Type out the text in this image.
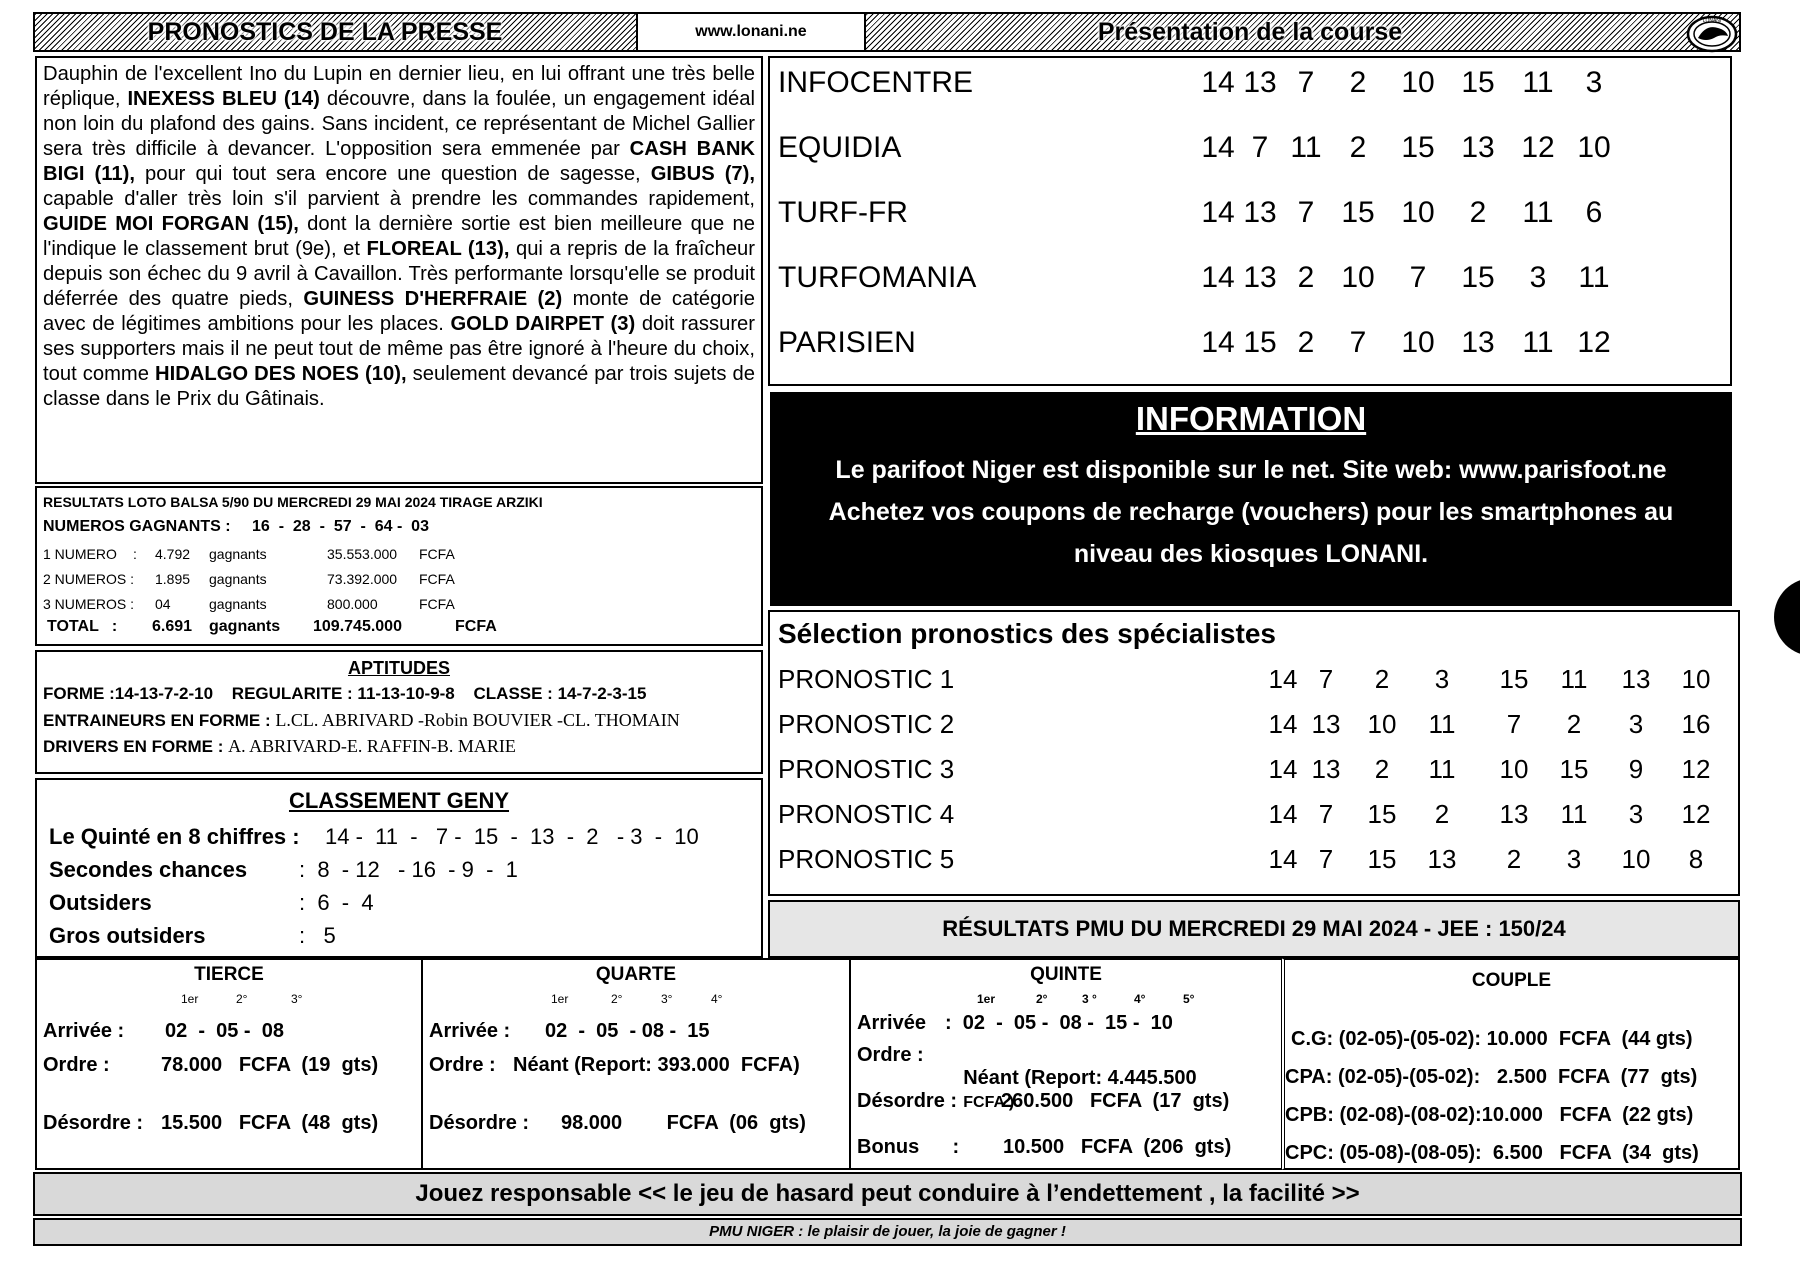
PRONOSTICS DE LA PRESSE	www.lonani.ne	Présentation de la course	LONANI
Dauphin de l'excellent Ino du Lupin en dernier lieu, en lui offrant une très belle réplique, INEXESS BLEU (14) découvre, dans la foulée, un engagement idéal non loin du plafond des gains. Sans incident, ce représentant de Michel Gallier sera très difficile à devancer. L'opposition sera emmenée par CASH BANK BIGI (11), pour qui tout sera encore une question de sagesse, GIBUS (7), capable d'aller très loin s'il parvient à prendre les commandes rapidement, GUIDE MOI FORGAN (15), dont la dernière sortie est bien meilleure que ne l'indique le classement brut (9e), et FLOREAL (13), qui a repris de la fraîcheur depuis son échec du 9 avril à Cavaillon. Très performante lorsqu'elle se produit déferrée des quatre pieds, GUINESS D'HERFRAIE (2) monte de catégorie avec de légitimes ambitions pour les places. GOLD DAIRPET (3) doit rassurer ses supporters mais il ne peut tout de même pas être ignoré à l'heure du choix, tout comme HIDALGO DES NOES (10), seulement devancé par trois sujets de classe dans le Prix du Gâtinais.
INFOCENTRE	14 13 7	2	10 15 11	3
EQUIDIA	14 7 11 2	15 13 12 10
TURF-FR	14 13 7 15 10	2	11	6
TURFOMANIA	14 13 2 10	7	15	3	11
PARISIEN	14 15 2	7	10 13 11 12
INFORMATION
Le parifoot Niger est disponible sur le net. Site web: www.parisfoot.ne
Achetez vos coupons de recharge (vouchers) pour les smartphones au
niveau des kiosques LONANI.
RESULTATS LOTO BALSA 5/90 DU MERCREDI 29 MAI 2024 TIRAGE ARZIKI
NUMEROS GAGNANTS : 16  -  28  -  57  -  64 -  03
TOTAL   : 6.691 gagnants 109.745.000	FCFA
1 NUMERO : 4.792 gagnants	35.553.000 FCFA
2 NUMEROS : 1.895 gagnants	73.392.000 FCFA
3 NUMEROS : 04	gagnants	800.000	FCFA
APTITUDES
FORME :14-13-7-2-10 REGULARITE : 11-13-10-9-8 CLASSE : 14-7-2-3-15
ENTRAINEURS EN FORME : L.CL. ABRIVARD -Robin BOUVIER -CL. THOMAIN
DRIVERS EN FORME : A. ABRIVARD-E. RAFFIN-B. MARIE
Sélection pronostics des spécialistes
PRONOSTIC 1	14 7	2	3	15	11	13 10
PRONOSTIC 2	14 13 10	11	7	2	3	16
PRONOSTIC 3	14 13	2	11	10 15	9	12
PRONOSTIC 4	14 7	15	2	13	11	3	12
PRONOSTIC 5	14 7	15 13	2	3	10	8
CLASSEMENT GENY
Le Quinté en 8 chiffres : 14 -  11  -   7 -  15  -  13  -  2   - 3  -  10
Secondes chances :  8  - 12   - 16  - 9  -  1
Outsiders	:  6  -  4
Gros outsiders	:   5	RÉSULTATS PMU DU MERCREDI 29 MAI 2024 - JEE : 150/24
TIERCE
1er	2°	3°
Arrivée : 02  -  05 -  08
Ordre :	78.000   FCFA  (19  gts)
Désordre : 15.500   FCFA  (48  gts)
QUARTE
1er	2°	3°	4°
Arrivée : 02  -  05  - 08 -  15
Ordre : Néant (Report: 393.000  FCFA)
Désordre : 98.000        FCFA  (06  gts)
QUINTE
1er	2°	3 °	4°	5°
Arrivée :  02  -  05 -  08 -  15 -  10
Ordre :

Néant (Report: 4.445.500
FCFA )

Désordre : 260.500   FCFA  (17  gts)
Bonus      : 10.500   FCFA  (206  gts)
COUPLE
C.G: (02-05)-(05-02): 10.000  FCFA  (44 gts)
CPA: (02-05)-(05-02):   2.500  FCFA  (77  gts)
CPB: (02-08)-(08-02):10.000   FCFA  (22 gts)
CPC: (05-08)-(08-05):  6.500   FCFA  (34  gts)
Jouez responsable << le jeu de hasard peut conduire à l’endettement , la facilité >>
PMU NIGER : le plaisir de jouer, la joie de gagner !
